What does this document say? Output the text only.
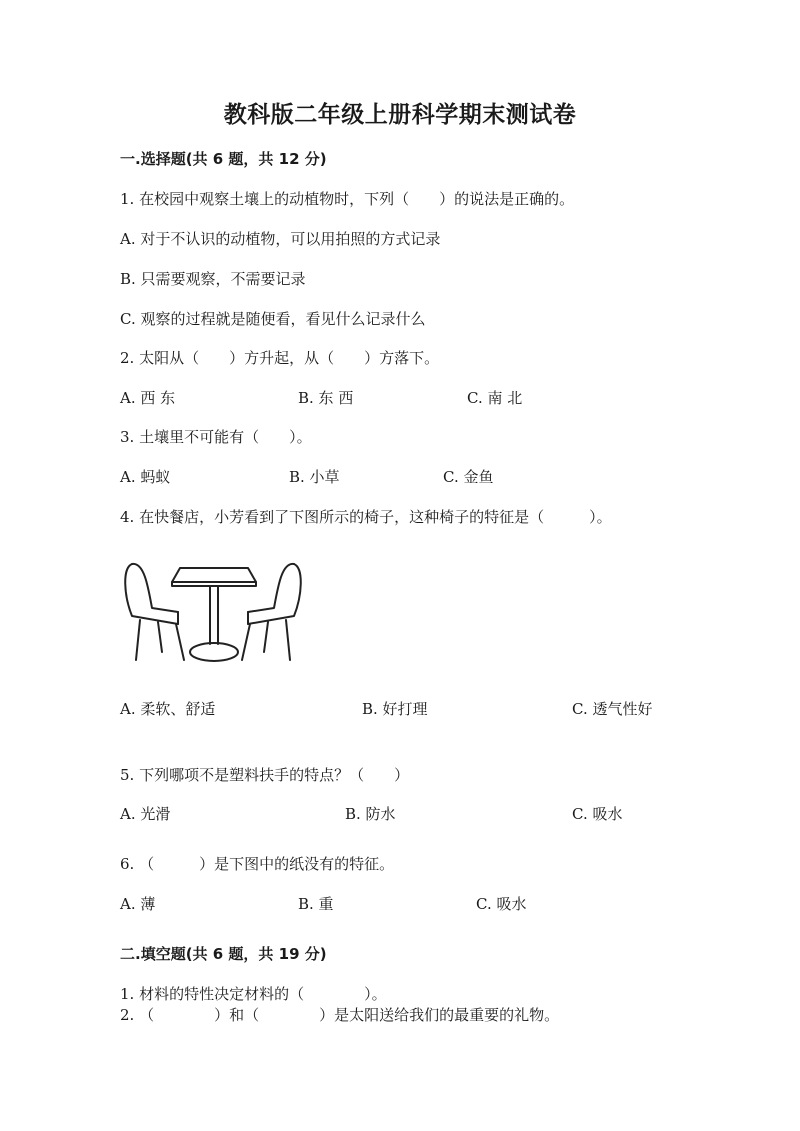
教科版二年级上册科学期末测试卷
一.选择题(共 6 题，共 12 分)
1. 在校园中观察土壤上的动植物时，下列（　　）的说法是正确的。
A. 对于不认识的动植物，可以用拍照的方式记录
B. 只需要观察，不需要记录
C. 观察的过程就是随便看，看见什么记录什么
2. 太阳从（　　）方升起，从（　　）方落下。
A. 西 东	B. 东 西	C. 南 北
3. 土壤里不可能有（　　）。
A. 蚂蚁	B. 小草	C. 金鱼
4. 在快餐店，小芳看到了下图所示的椅子，这种椅子的特征是（　　　）。
A. 柔软、舒适	B. 好打理	C. 透气性好
5. 下列哪项不是塑料扶手的特点？（　　）
A. 光滑	B. 防水	C. 吸水
6. （　　　）是下图中的纸没有的特征。
A. 薄	B. 重	C. 吸水
二.填空题(共 6 题，共 19 分)
1. 材料的特性决定材料的（　　　　）。
2. （　　　　）和（　　　　）是太阳送给我们的最重要的礼物。
